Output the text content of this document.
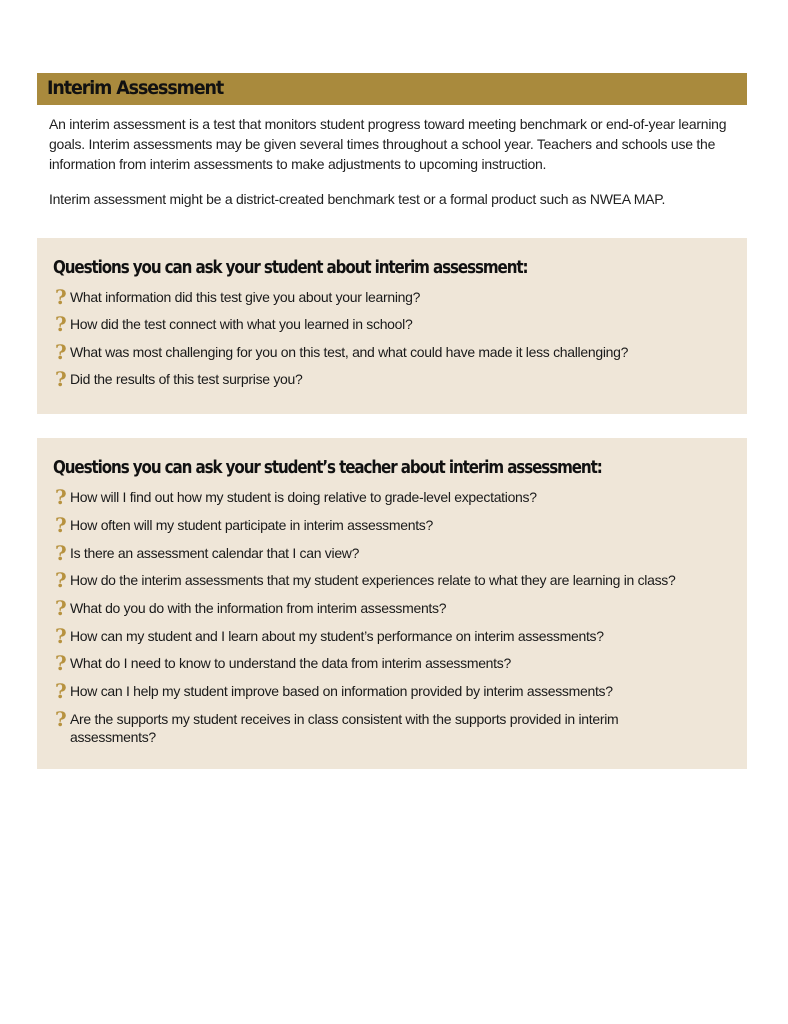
Interim Assessment

An interim assessment is a test that monitors student progress toward meeting benchmark or end-of-year learning goals. Interim assessments may be given several times throughout a school year. Teachers and schools use the information from interim assessments to make adjustments to upcoming instruction.

Interim assessment might be a district-created benchmark test or a formal product such as NWEA MAP.

Questions you can ask your student about interim assessment:
? What information did this test give you about your learning?
? How did the test connect with what you learned in school?
? What was most challenging for you on this test, and what could have made it less challenging?
? Did the results of this test surprise you?
Questions you can ask your student’s teacher about interim assessment:
? How will I find out how my student is doing relative to grade-level expectations?
? How often will my student participate in interim assessments?
? Is there an assessment calendar that I can view?
? How do the interim assessments that my student experiences relate to what they are learning in class?
? What do you do with the information from interim assessments?
? How can my student and I learn about my student’s performance on interim assessments?
? What do I need to know to understand the data from interim assessments?
? How can I help my student improve based on information provided by interim assessments?
? Are the supports my student receives in class consistent with the supports provided in interim assessments?
